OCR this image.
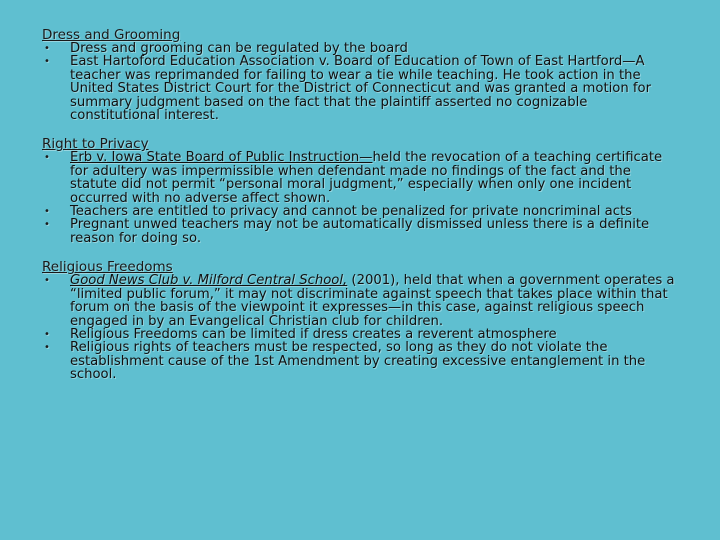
Dress and Grooming
• Dress and grooming can be regulated by the board
• East Hartoford Education Association v. Board of Education of Town of East Hartford—A teacher was reprimanded for failing to wear a tie while teaching. He took action in the United States District Court for the District of Connecticut and was granted a motion for summary judgment based on the fact that the plaintiff asserted no cognizable constitutional interest.
Right to Privacy
• Erb v. Iowa State Board of Public Instruction—held the revocation of a teaching certificate for adultery was impermissible when defendant made no findings of the fact and the statute did not permit “personal moral judgment,” especially when only one incident occurred with no adverse affect shown.
• Teachers are entitled to privacy and cannot be penalized for private noncriminal acts
• Pregnant unwed teachers may not be automatically dismissed unless there is a definite reason for doing so.
Religious Freedoms
• Good News Club v. Milford Central School, (2001), held that when a government operates a “limited public forum,” it may not discriminate against speech that takes place within that forum on the basis of the viewpoint it expresses—in this case, against religious speech engaged in by an Evangelical Christian club for children.
• Religious Freedoms can be limited if dress creates a reverent atmosphere
• Religious rights of teachers must be respected, so long as they do not violate the establishment cause of the 1st Amendment by creating excessive entanglement in the school.
